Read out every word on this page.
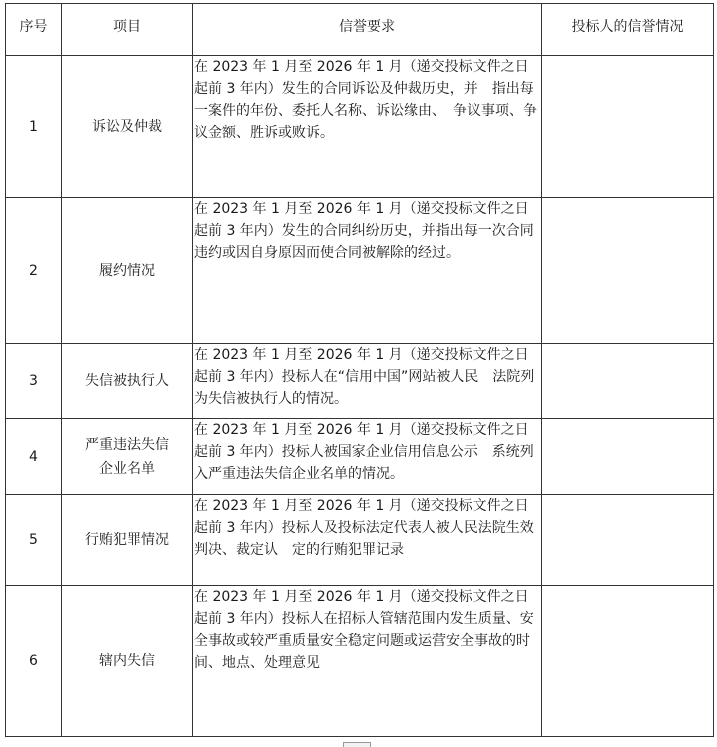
序号	项目	信誉要求	投标人的信誉情况
1	诉讼及仲裁	在 2023 年 1 月至 2026 年 1 月（递交投标文件之日　起前 3 年内）发生的合同诉讼及仲裁历史，并　指出每一案件的年份、委托人名称、诉讼缘由、　争议事项、争议金额、胜诉或败诉。	
2	履约情况	在 2023 年 1 月至 2026 年 1 月（递交投标文件之日起前 3 年内）发生的合同纠纷历史，并指出每一次合同违约或因自身原因而使合同被解除的经过。	
3	失信被执行人	在 2023 年 1 月至 2026 年 1 月（递交投标文件之日　起前 3 年内）投标人在“信用中国”网站被人民　法院列为失信被执行人的情况。	
4	严重违法失信企业名单	在 2023 年 1 月至 2026 年 1 月（递交投标文件之日　起前 3 年内）投标人被国家企业信用信息公示　系统列入严重违法失信企业名单的情况。	
5	行贿犯罪情况	在 2023 年 1 月至 2026 年 1 月（递交投标文件之日　起前 3 年内）投标人及投标法定代表人被人民法院生效判决、裁定认　定的行贿犯罪记录	
6	辖内失信	在 2023 年 1 月至 2026 年 1 月（递交投标文件之日起前 3 年内）投标人在招标人管辖范围内发生质量、安全事故或较严重质量安全稳定问题或运营安全事故的时间、地点、处理意见	
